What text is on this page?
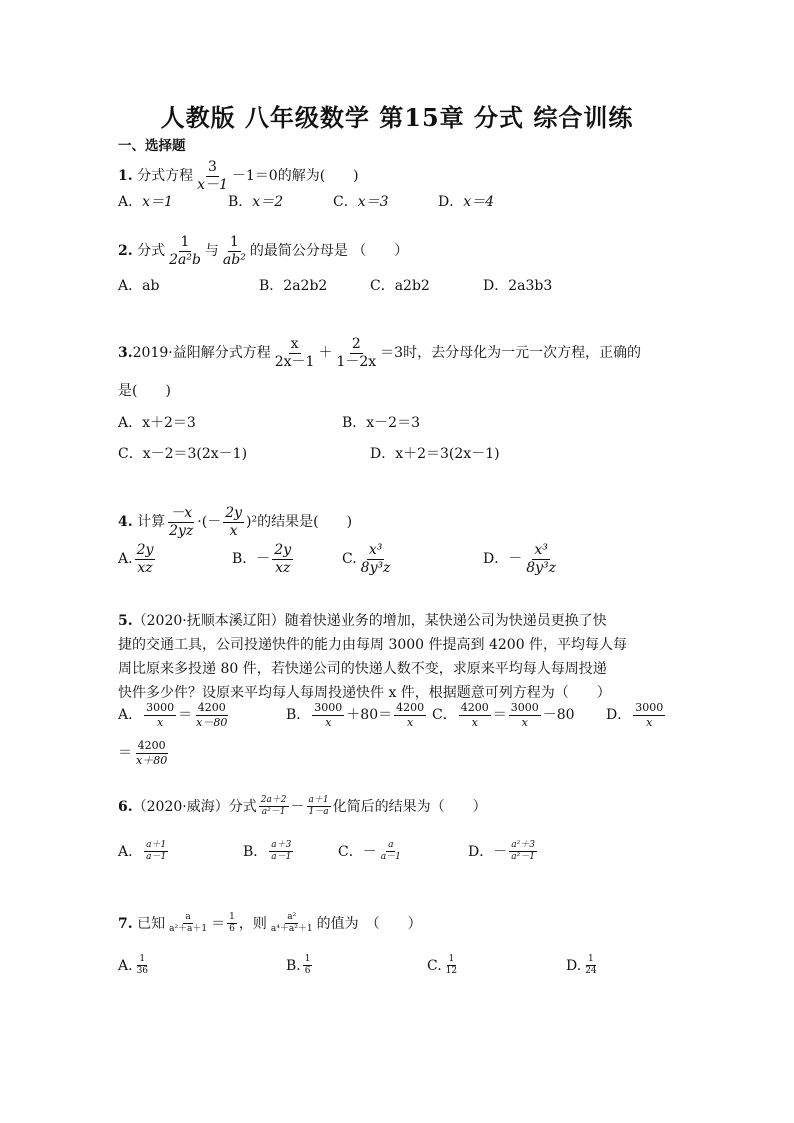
人教版 八年级数学 第15章 分式 综合训练
一、选择题
1. 分式方程 $\frac{3}{x-1} -1=0$的解为(　　)
A．x＝1	B．x＝2	C．x＝3	D．x＝4
2. 分式 $\frac{1}{\text{2a²b}}$ 与 $\frac{1}{\text{ab²}}$ 的最简公分母是 （　　）
A．ab	B．2a2b2	C．a2b2	D．2a3b3
3.2019·益阳解分式方程 $\frac{x}{2x-1} + \frac{2}{1-2x} =3$时，去分母化为一元一次方程，正确的
是(　　)
A．x＋2＝3	B．x－2＝3
C．x－2＝3(2x－1)	D．x＋2＝3(2x－1)
4. 计算 $\frac{-x}{2yz}$ ·(－ $\frac{2y}{x} )^2$的结果是(　　)
A. $\frac{2y}{xz}$	B．－ $\frac{2y}{xz}$	C. $\frac{\text{x³}}{\text{8y³z}}$	D．－ $\frac{\text{x³}}{\text{8y³z}}$
5.（2020·抚顺本溪辽阳）随着快递业务的增加，某快递公司为快递员更换了快
捷的交通工具，公司投递快件的能力由每周 3000 件提高到 4200 件，平均每人每
周比原来多投递 80 件，若快递公司的快递人数不变，求原来平均每人每周投递
快件多少件？设原来平均每人每周投递快件 x 件，根据题意可列方程为（　　）
A． $\frac{3000}{x} = \frac{4200}{x-80}$	B． $\frac{3000}{x} +80= \frac{4200}{x}$ C． $\frac{4200}{x} = \frac{3000}{x} -80$ D． $\frac{3000}{x}$
＝ $\frac{4200}{x+80}$
6.（2020·威海）分式 $\frac{2a+2}{\text{a²－1}} - \frac{a+1}{1-a}$ 化简后的结果为（　　）
A． $\frac{a+1}{a-1}$	B． $\frac{a+3}{a-1}$	C．－ $\frac{a}{a-1}$	D．－ $\frac{\text{a²＋3}}{\text{a²－1}}$
7. 已知 $\frac{a}{\text{a²＋a＋1}} = \frac{1}{6}$ ，则 $\frac{\text{a²}}{\text{a⁴＋a²＋1}}$ 的值为　（　　）
A. $\frac{1}{36}$	B. $\frac{1}{6}$	C. $\frac{1}{12}$	D. $\frac{1}{24}$
